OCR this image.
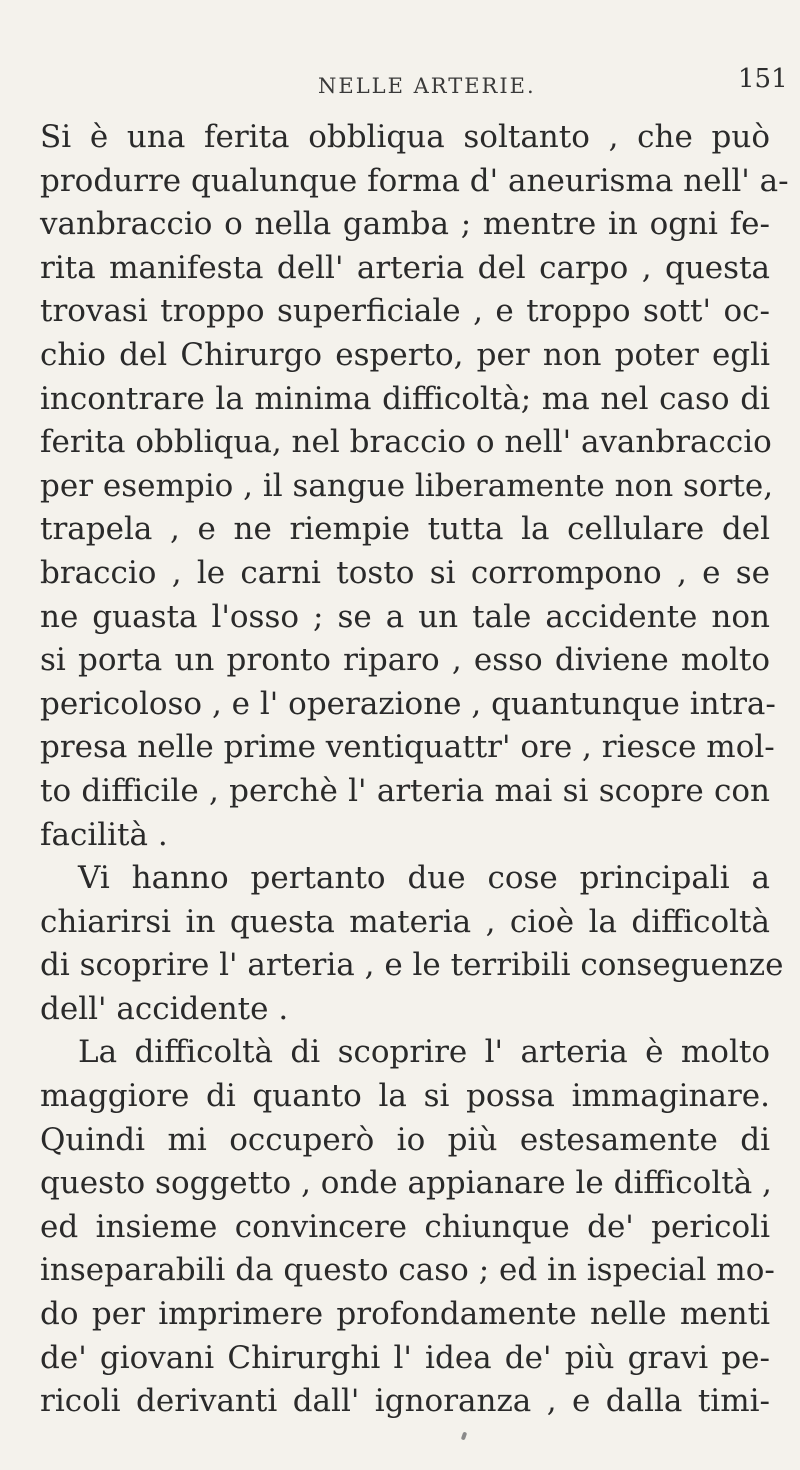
NELLE ARTERIE.	151
Si è una ferita obbliqua soltanto , che può
produrre qualunque forma d' aneurisma nell' a-
vanbraccio o nella gamba ; mentre in ogni fe-
rita manifesta dell' arteria del carpo , questa
trovasi troppo superficiale , e troppo sott' oc-
chio del Chirurgo esperto, per non poter egli
incontrare la minima difficoltà; ma nel caso di
ferita obbliqua, nel braccio o nell' avanbraccio
per esempio , il sangue liberamente non sorte,
trapela , e ne riempie tutta la cellulare del
braccio , le carni tosto si corrompono , e se
ne guasta l'osso ; se a un tale accidente non
si porta un pronto riparo , esso diviene molto
pericoloso , e l' operazione , quantunque intra-
presa nelle prime ventiquattr' ore , riesce mol-
to difficile , perchè l' arteria mai si scopre con
facilità .
Vi hanno pertanto due cose principali a
chiarirsi in questa materia , cioè la difficoltà
di scoprire l' arteria , e le terribili conseguenze
dell' accidente .
La difficoltà di scoprire l' arteria è molto
maggiore di quanto la si possa immaginare.
Quindi mi occuperò io più estesamente di
questo soggetto , onde appianare le difficoltà ,
ed insieme convincere chiunque de' pericoli
inseparabili da questo caso ; ed in ispecial mo-
do per imprimere profondamente nelle menti
de' giovani Chirurghi l' idea de' più gravi pe-
ricoli derivanti dall' ignoranza , e dalla timi-
